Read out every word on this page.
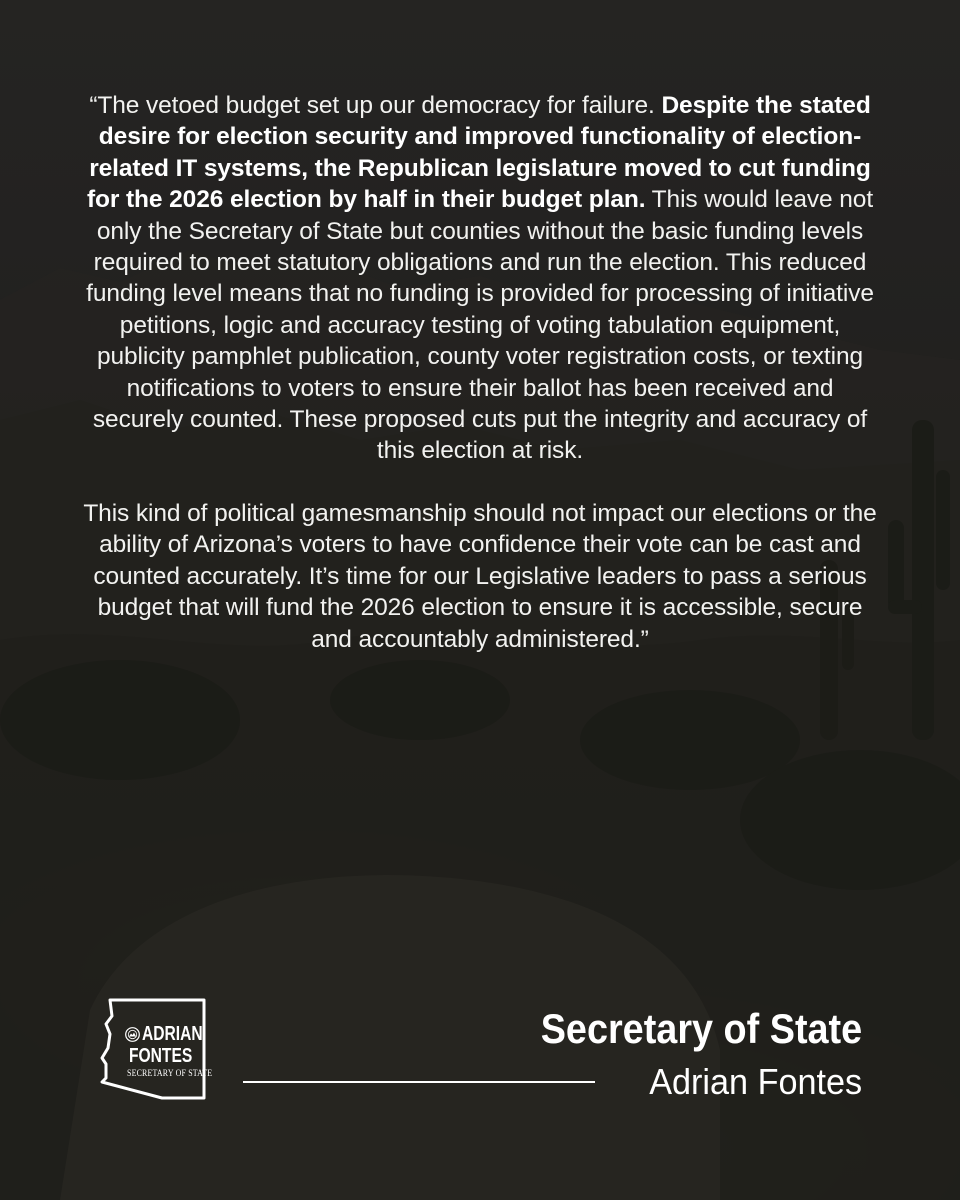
“The vetoed budget set up our democracy for failure. Despite the stated desire for election security and improved functionality of election-related IT systems, the Republican legislature moved to cut funding for the 2026 election by half in their budget plan. This would leave not only the Secretary of State but counties without the basic funding levels required to meet statutory obligations and run the election. This reduced funding level means that no funding is provided for processing of initiative petitions, logic and accuracy testing of voting tabulation equipment, publicity pamphlet publication, county voter registration costs, or texting notifications to voters to ensure their ballot has been received and securely counted. These proposed cuts put the integrity and accuracy of this election at risk.

This kind of political gamesmanship should not impact our elections or the ability of Arizona’s voters to have confidence their vote can be cast and counted accurately. It’s time for our Legislative leaders to pass a serious budget that will fund the 2026 election to ensure it is accessible, secure and accountably administered.”

ADRIAN
FONTES
SECRETARY OF STATE
Secretary of State
Adrian Fontes
